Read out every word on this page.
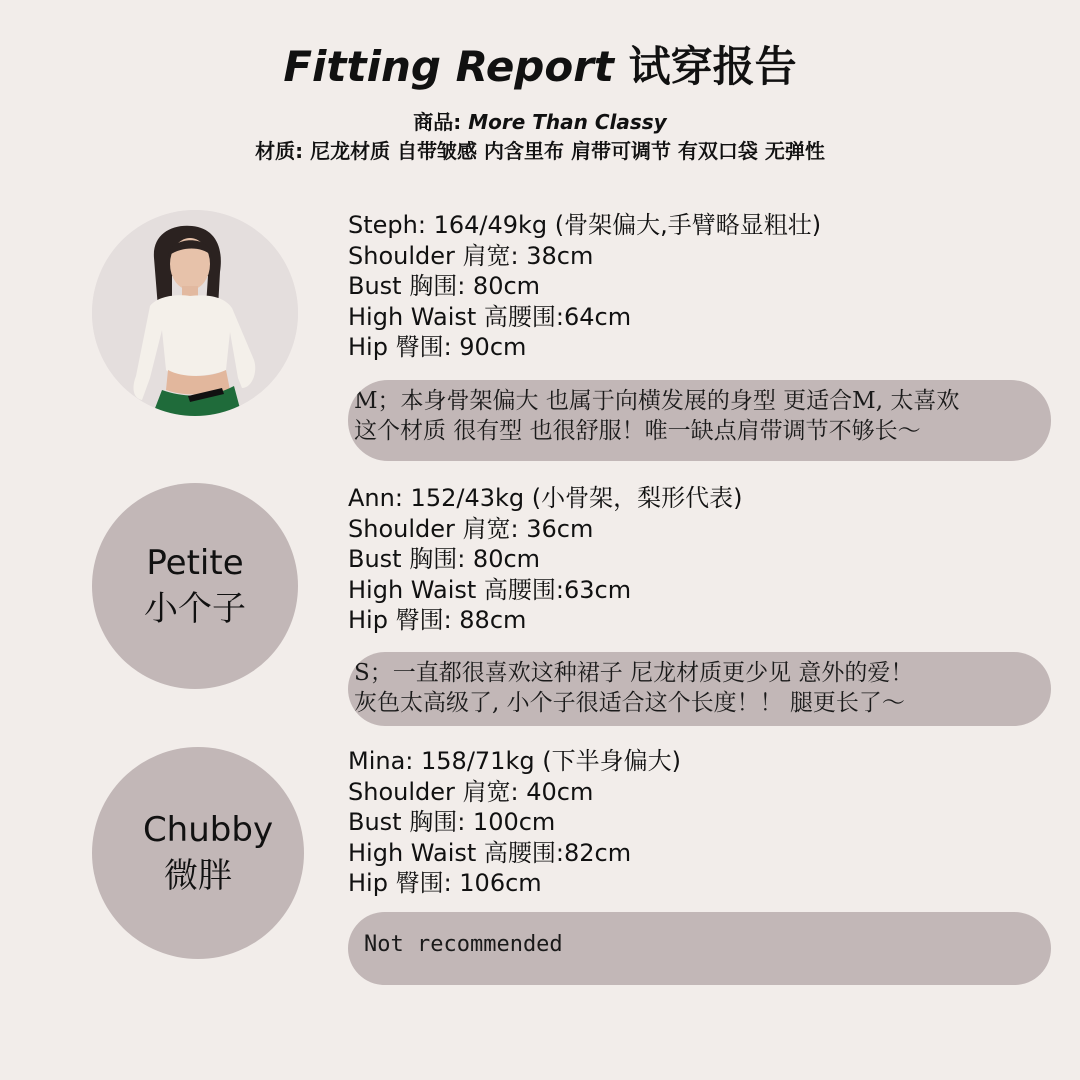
Fitting Report 试穿报告
商品: More Than Classy
材质: 尼龙材质 自带皱感 内含里布 肩带可调节 有双口袋 无弹性
Steph: 164/49kg (骨架偏大,手臂略显粗壮)
Shoulder 肩宽: 38cm
Bust 胸围: 80cm
High Waist 高腰围:64cm
Hip 臀围: 90cm
M；本身骨架偏大 也属于向横发展的身型 更适合M, 太喜欢
这个材质 很有型 也很舒服！唯一缺点肩带调节不够长～
Petite
小个子
Ann: 152/43kg (小骨架，梨形代表)
Shoulder 肩宽: 36cm
Bust 胸围: 80cm
High Waist 高腰围:63cm
Hip 臀围: 88cm
S；一直都很喜欢这种裙子 尼龙材质更少见 意外的爱！
灰色太高级了, 小个子很适合这个长度！！ 腿更长了～
Chubby
微胖
Mina: 158/71kg (下半身偏大)
Shoulder 肩宽: 40cm
Bust 胸围: 100cm
High Waist 高腰围:82cm
Hip 臀围: 106cm
Not recommended
